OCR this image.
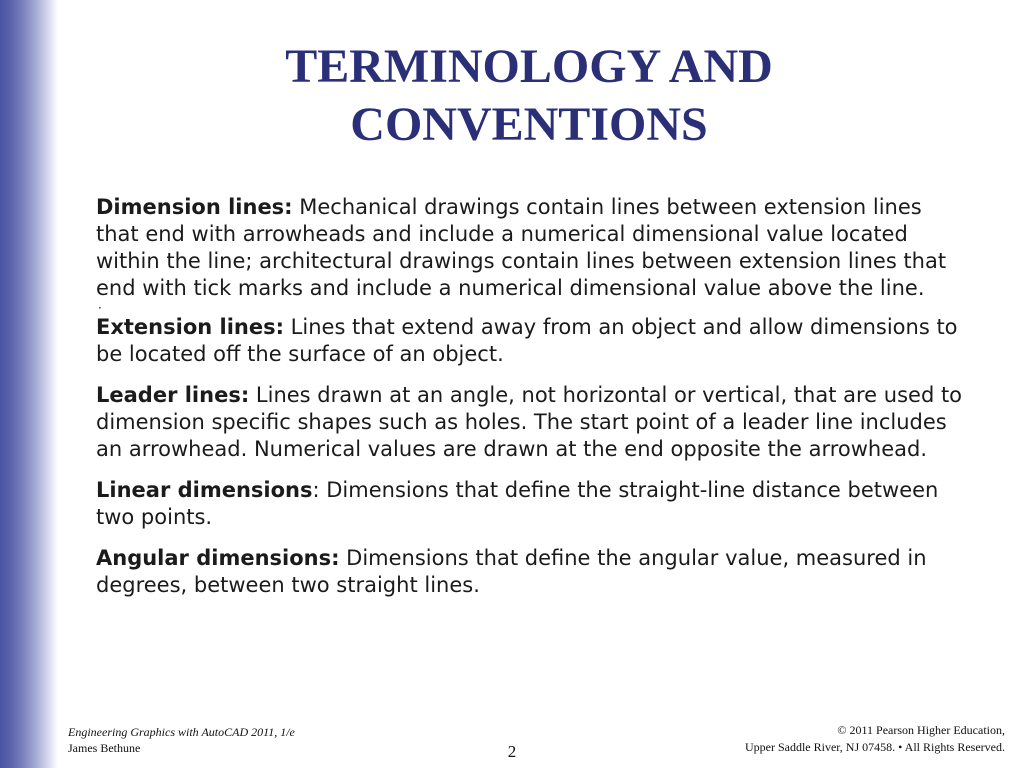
TERMINOLOGY AND
CONVENTIONS

Dimension lines: Mechanical drawings contain lines between extension lines that end with arrowheads and include a numerical dimensional value located within the line; architectural drawings contain lines between extension lines that end with tick marks and include a numerical dimensional value above the line.

·

Extension lines: Lines that extend away from an object and allow dimensions to be located off the surface of an object.

Leader lines: Lines drawn at an angle, not horizontal or vertical, that are used to dimension specific shapes such as holes. The start point of a leader line includes an arrowhead. Numerical values are drawn at the end opposite the arrowhead.

Linear dimensions: Dimensions that define the straight-line distance between two points.

Angular dimensions: Dimensions that define the angular value, measured in degrees, between two straight lines.

Engineering Graphics with AutoCAD 2011, 1/e
James Bethune	2
© 2011 Pearson Higher Education,
Upper Saddle River, NJ 07458. • All Rights Reserved.
